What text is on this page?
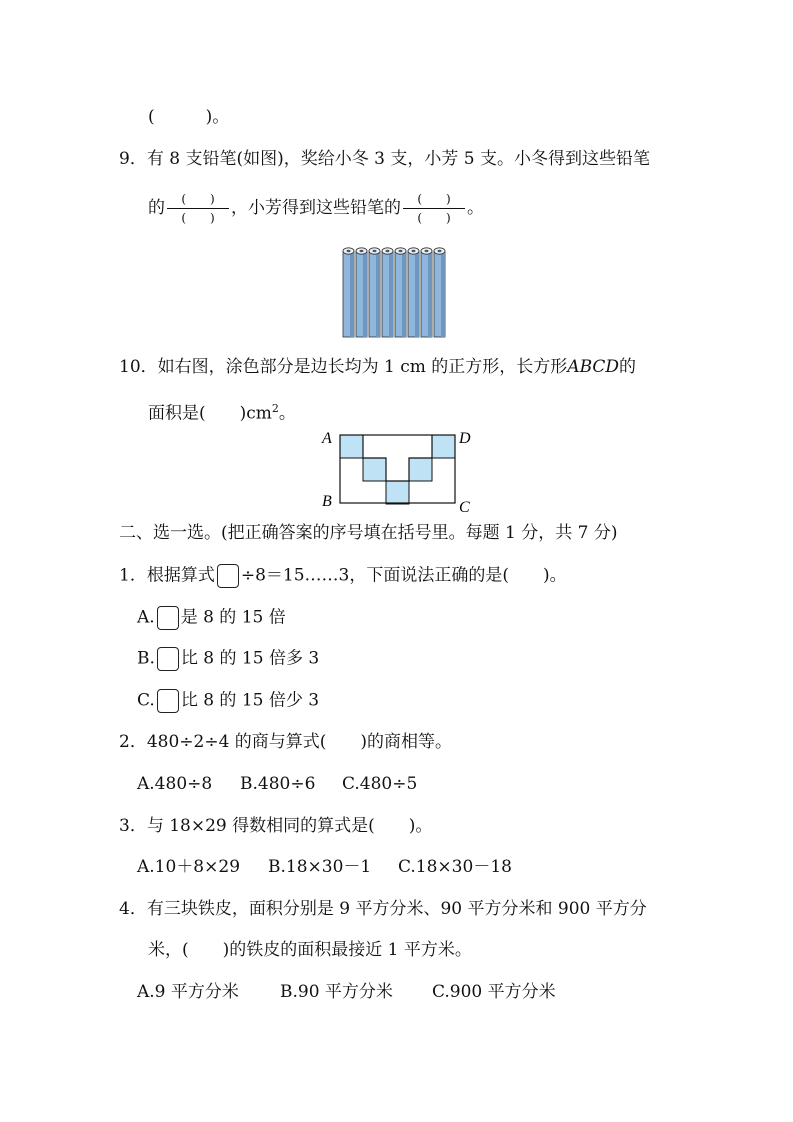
(　　　)。
9．有 8 支铅笔(如图)，奖给小冬 3 支，小芳 5 支。小冬得到这些铅笔
的 $\frac{( )}{( )}$ ，小芳得到这些铅笔的 $\frac{( )}{( )}$ 。
10．如右图，涂色部分是边长均为 1 cm 的正方形，长方形ABCD的
面积是(　　)$cm^2$。
A
B	C
D
二、选一选。(把正确答案的序号填在括号里。每题 1 分，共 7 分)
1．根据算式 ÷8＝15……3，下面说法正确的是(　　)。
A. 是 8 的 15 倍
B. 比 8 的 15 倍多 3
C. 比 8 的 15 倍少 3
2．480÷2÷4 的商与算式(　　)的商相等。
A.480÷8 B.480÷6 C.480÷5
3．与 18×29 得数相同的算式是(　　)。
A.10＋8×29 B.18×30－1 C.18×30－18
4．有三块铁皮，面积分别是 9 平方分米、90 平方分米和 900 平方分
米，(　　)的铁皮的面积最接近 1 平方米。
A.9 平方分米 B.90 平方分米 C.900 平方分米
